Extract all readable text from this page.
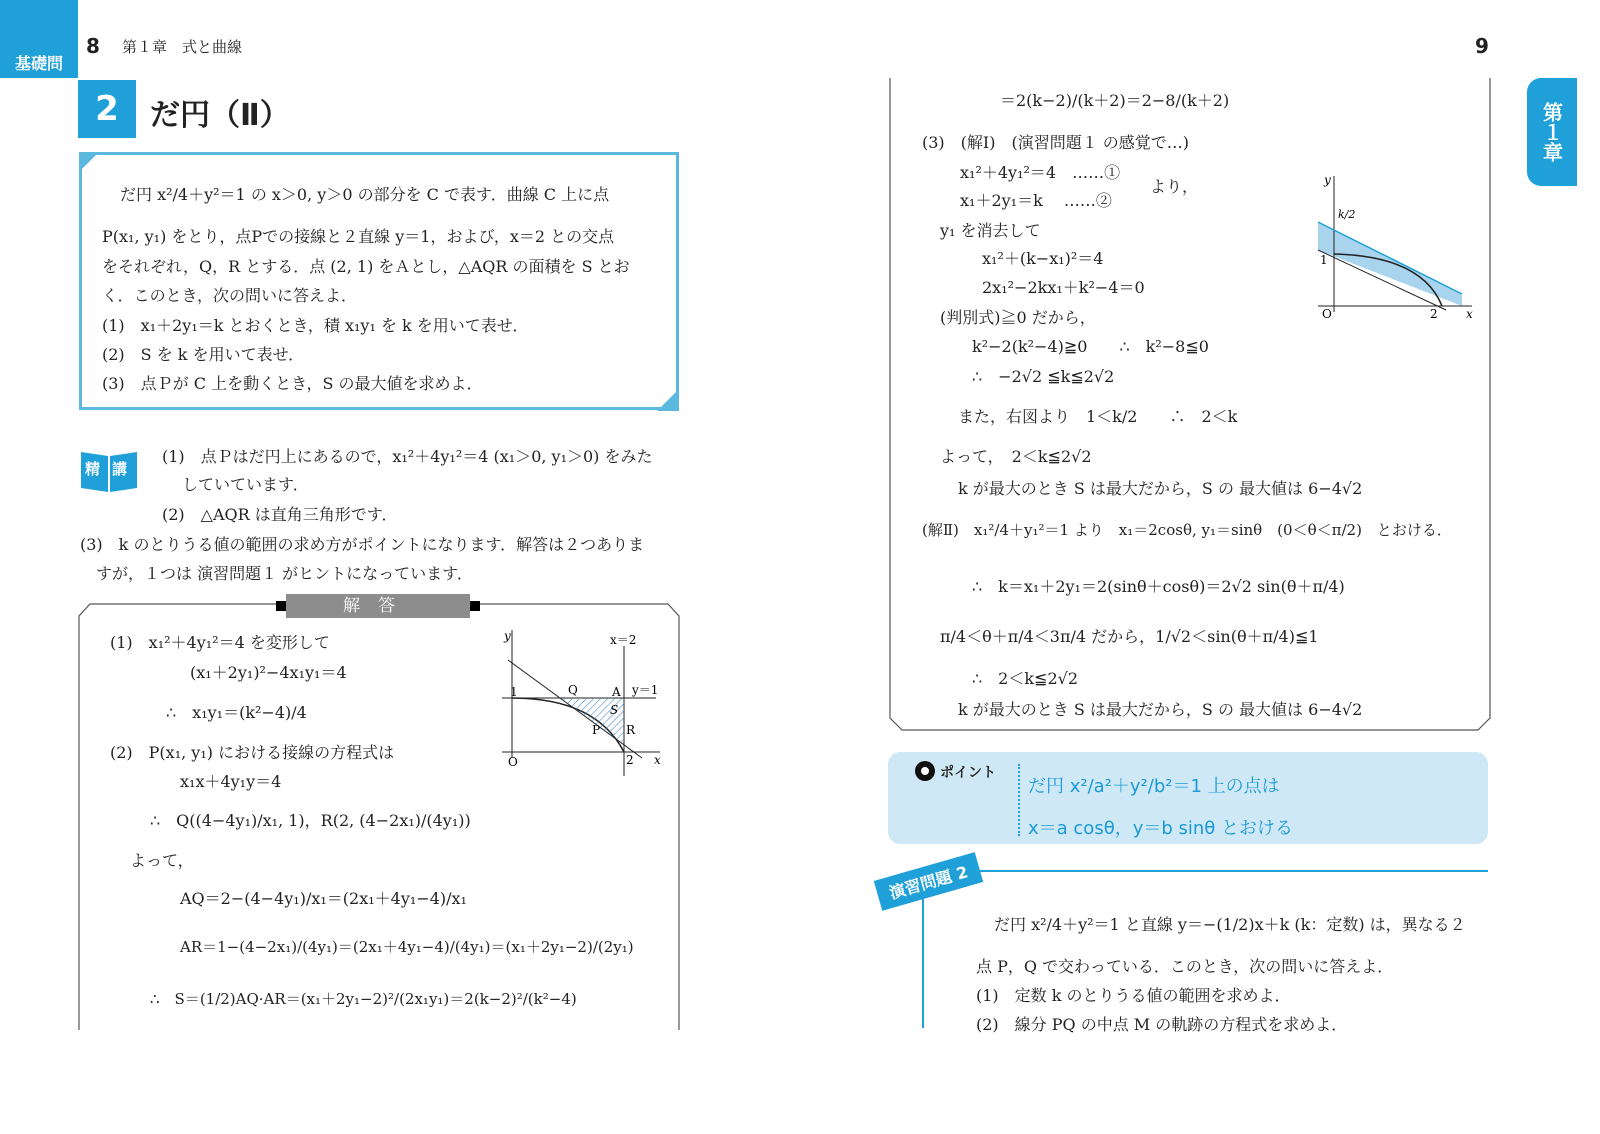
基礎問
8 第１章　式と曲線	9
第１章
2	だ円（Ⅱ）
だ円 x²/4＋y²＝1 の x＞0, y＞0 の部分を C で表す．曲線 C 上に点
P(x₁, y₁) をとり，点Pでの接線と２直線 y＝1，および，x＝2 との交点
をそれぞれ，Q，R とする．点 (2, 1) をＡとし，△AQR の面積を S とお
く．このとき，次の問いに答えよ．
(1)　x₁＋2y₁＝k とおくとき，積 x₁y₁ を k を用いて表せ．
(2)　S を k を用いて表せ．
(3)　点Ｐが C 上を動くとき，S の最大値を求めよ．
精講
(1)　点Ｐはだ円上にあるので，x₁²＋4y₁²＝4 (x₁＞0, y₁＞0) をみた
していています．
(2)　△AQR は直角三角形です．
(3)　k のとりうる値の範囲の求め方がポイントになります．解答は２つありま
すが，１つは 演習問題１ がヒントになっています．
解答
(1)　x₁²＋4y₁²＝4 を変形して
(x₁＋2y₁)²−4x₁y₁＝4
∴　x₁y₁＝(k²−4)/4
(2)　P(x₁, y₁) における接線の方程式は
x₁x＋4y₁y＝4
∴　Q((4−4y₁)/x₁, 1)，R(2, (4−2x₁)/(4y₁))
よって，
AQ＝2−(4−4y₁)/x₁＝(2x₁＋4y₁−4)/x₁
AR＝1−(4−2x₁)/(4y₁)＝(2x₁＋4y₁−4)/(4y₁)＝(x₁＋2y₁−2)/(2y₁)
∴　S＝(1/2)AQ·AR＝(x₁＋2y₁−2)²/(2x₁y₁)＝2(k−2)²/(k²−4)
y
x
x＝2
y＝1
1	Q	A
S
P R
O	2
＝2(k−2)/(k＋2)＝2−8/(k＋2)
(3)　(解Ⅰ)　(演習問題１ の感覚で…)
x₁²＋4y₁²＝4　……①
x₁＋2y₁＝k　 ……②
より，
y₁ を消去して
x₁²＋(k−x₁)²＝4
2x₁²−2kx₁＋k²−4＝0
(判別式)≧0 だから，
k²−2(k²−4)≧0　　∴　k²−8≦0
∴　−2√2 ≦k≦2√2
また，右図より　1＜k/2　　∴　2＜k
よって，　2＜k≦2√2
k が最大のとき S は最大だから，S の 最大値は 6−4√2
(解Ⅱ)　x₁²/4＋y₁²＝1 より　x₁＝2cosθ, y₁＝sinθ　(0＜θ＜π/2)　とおける．
∴　k＝x₁＋2y₁＝2(sinθ＋cosθ)＝2√2 sin(θ＋π/4)
π/4＜θ＋π/4＜3π/4 だから，1/√2＜sin(θ＋π/4)≦1
∴　2＜k≦2√2
k が最大のとき S は最大だから，S の 最大値は 6−4√2
y
k/2
1
O	2 x
ポイント
だ円 x²/a²＋y²/b²＝1 上の点は
x＝a cosθ，y＝b sinθ とおける
演習問題 2
だ円 x²/4＋y²＝1 と直線 y＝−(1/2)x＋k (k：定数) は，異なる２
点 P，Q で交わっている．このとき，次の問いに答えよ．
(1)　定数 k のとりうる値の範囲を求めよ．
(2)　線分 PQ の中点 M の軌跡の方程式を求めよ．
